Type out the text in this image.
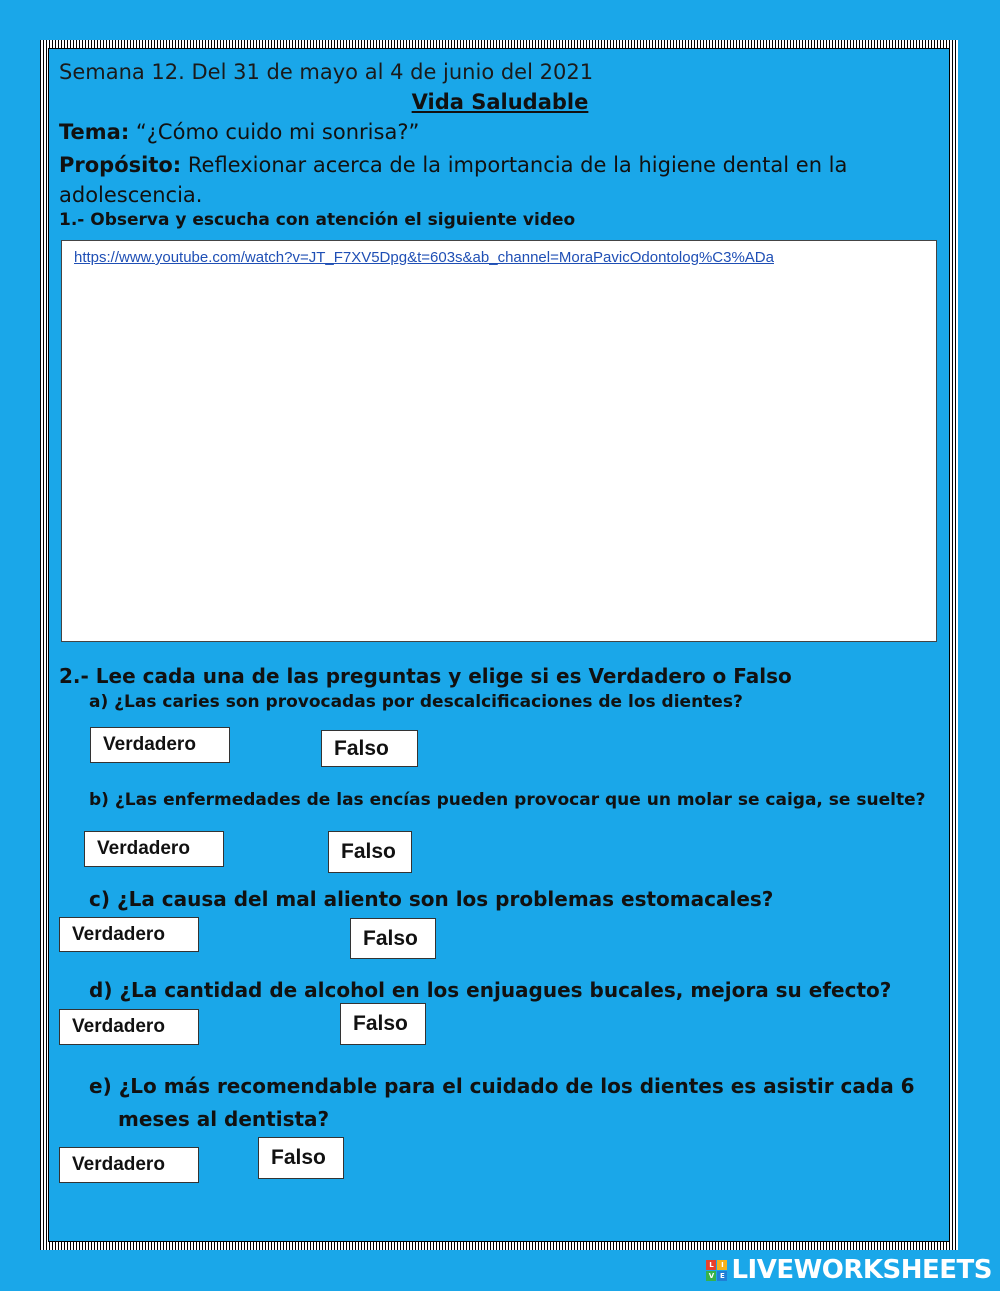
Semana 12. Del 31 de mayo al 4 de junio del 2021
Vida Saludable
Tema: “¿Cómo cuido mi sonrisa?”
Propósito: Reflexionar acerca de la importancia de la higiene dental en la adolescencia.
1.- Observa y escucha con atención el siguiente video
https://www.youtube.com/watch?v=JT_F7XV5Dpg&t=603s&ab_channel=MoraPavicOdontolog%C3%ADa
2.- Lee cada una de las preguntas y elige si es Verdadero o Falso
a) ¿Las caries son provocadas por descalcificaciones de los dientes?
Verdadero	Falso
b) ¿Las enfermedades de las encías pueden provocar que un molar se caiga, se suelte?
Verdadero	Falso
c) ¿La causa del mal aliento son los problemas estomacales?
Verdadero	Falso
d) ¿La cantidad de alcohol en los enjuagues bucales, mejora su efecto?
Verdadero	Falso
e) ¿Lo más recomendable para el cuidado de los dientes es asistir cada 6
meses al dentista?
Verdadero	Falso
L	I
V E LIVEWORKSHEETS
